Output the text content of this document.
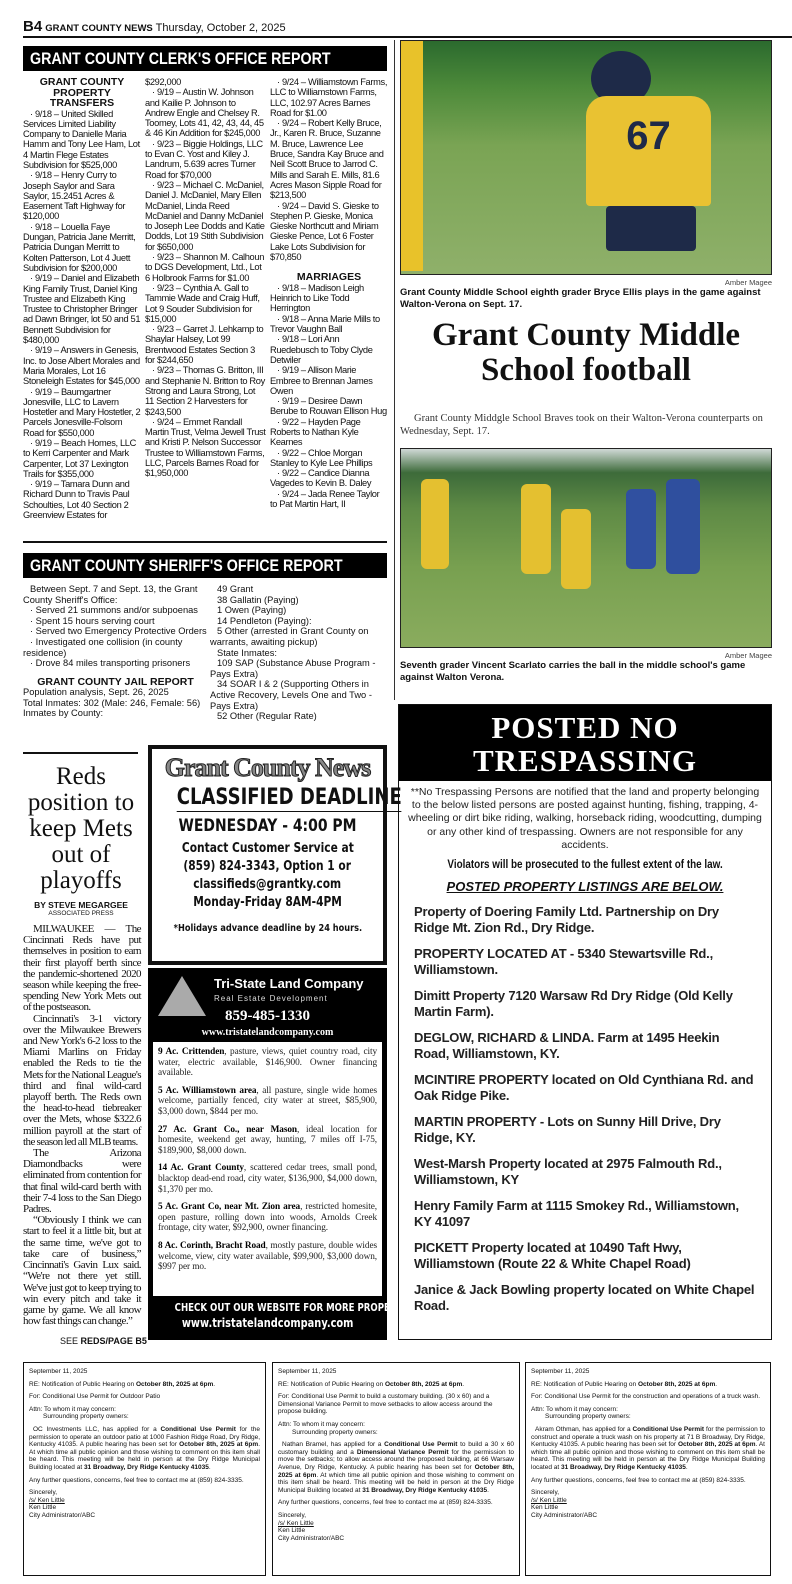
B4 GRANT COUNTY NEWS Thursday, October 2, 2025
GRANT COUNTY CLERK'S OFFICE REPORT
GRANT COUNTY PROPERTY TRANSFERS

· 9/18 – United Skilled Services Limited Liability Company to Danielle Maria Hamm and Tony Lee Ham, Lot 4 Martin Flege Estates Subdivision for $525,000

· 9/18 – Henry Curry to Joseph Saylor and Sara Saylor, 15.2451 Acres & Easement Taft Highway for $120,000

· 9/18 – Louella Faye Dungan, Patricia Jane Merritt, Patricia Dungan Merritt to Kolten Patterson, Lot 4 Juett Subdivision for $200,000

· 9/19 – Daniel and Elizabeth King Family Trust, Daniel King Trustee and Elizabeth King Trustee to Christopher Bringer ad Dawn Bringer, lot 50 and 51 Bennett Subdivision for $480,000

· 9/19 – Answers in Genesis, Inc. to Jose Albert Morales and Maria Morales, Lot 16 Stoneleigh Estates for $45,000

· 9/19 – Baumgartner Jonesville, LLC to Lavern Hostetler and Mary Hostetler, 2 Parcels Jonesville-Folsom Road for $550,000

· 9/19 – Beach Homes, LLC to Kerri Carpenter and Mark Carpenter, Lot 37 Lexington Trails for $355,000

· 9/19 – Tamara Dunn and Richard Dunn to Travis Paul Schoulties, Lot 40 Section 2 Greenview Estates for

$292,000

· 9/19 – Austin W. Johnson and Kailie P. Johnson to Andrew Engle and Chelsey R. Toomey, Lots 41, 42, 43, 44, 45 & 46 Kin Addition for $245,000

· 9/23 – Biggie Holdings, LLC to Evan C. Yost and Kiley J. Landrum, 5.639 acres Turner Road for $70,000

· 9/23 – Michael C. McDaniel, Daniel J. McDaniel, Mary Ellen McDaniel, Linda Reed McDaniel and Danny McDaniel to Joseph Lee Dodds and Katie Dodds, Lot 19 Stith Subdivision for $650,000

· 9/23 – Shannon M. Calhoun to DGS Development, Ltd., Lot 6 Holbrook Farms for $1.00

· 9/23 – Cynthia A. Gall to Tammie Wade and Craig Huff, Lot 9 Souder Subdivision for $15,000

· 9/23 – Garret J. Lehkamp to Shaylar Halsey, Lot 99 Brentwood Estates Section 3 for $244,650

· 9/23 – Thomas G. Britton, III and Stephanie N. Britton to Roy Strong and Laura Strong, Lot 11 Section 2 Harvesters for $243,500

· 9/24 – Emmet Randall Martin Trust, Velma Jewell Trust and Kristi P. Nelson Successor Trustee to Williamstown Farms, LLC, Parcels Barnes Road for $1,950,000

· 9/24 – Williamstown Farms, LLC to Williamstown Farms, LLC, 102.97 Acres Barnes Road for $1.00

· 9/24 – Robert Kelly Bruce, Jr., Karen R. Bruce, Suzanne M. Bruce, Lawrence Lee Bruce, Sandra Kay Bruce and Neil Scott Bruce to Jarrod C. Mills and Sarah E. Mills, 81.6 Acres Mason Sipple Road for $213,500

· 9/24 – David S. Gieske to Stephen P. Gieske, Monica Gieske Northcutt and Miriam Gieske Pence, Lot 6 Foster Lake Lots Subdivision for $70,850

MARRIAGES

· 9/18 – Madison Leigh Heinrich to Like Todd Herrington

· 9/18 – Anna Marie Mills to Trevor Vaughn Ball

· 9/18 – Lori Ann Ruedebusch to Toby Clyde Detwiler

· 9/19 – Allison Marie Embree to Brennan James Owen

· 9/19 – Desiree Dawn Berube to Rouwan Ellison Hug

· 9/22 – Hayden Page Roberts to Nathan Kyle Kearnes

· 9/22 – Chloe Morgan Stanley to Kyle Lee Phillips

· 9/22 – Candice Dianna Vagedes to Kevin B. Daley

· 9/24 – Jada Renee Taylor to Pat Martin Hart, II

GRANT COUNTY SHERIFF'S OFFICE REPORT

Between Sept. 7 and Sept. 13, the Grant County Sheriff's Office:

· Served 21 summons and/or subpoenas

· Spent 15 hours serving court

· Served two Emergency Protective Orders

· Investigated one collision (in county residence)

· Drove 84 miles transporting prisoners

GRANT COUNTY JAIL REPORT

Population analysis, Sept. 26, 2025

Total Inmates: 302 (Male: 246, Female: 56)

Inmates by County:

49 Grant

38 Gallatin (Paying)

1 Owen (Paying)

14 Pendleton (Paying):

5 Other (arrested in Grant County on warrants, awaiting pickup)

State Inmates:

109 SAP (Substance Abuse Program - Pays Extra)

34 SOAR I & 2 (Supporting Others in Active Recovery, Levels One and Two - Pays Extra)

52 Other (Regular Rate)

67
Amber Magee
Grant County Middle School eighth grader Bryce Ellis plays in the game against Walton-Verona on Sept. 17.
Grant County Middle School football
Grant County Middgle School Braves took on their Walton-Verona counterparts on Wednesday, Sept. 17.
Amber Magee
Seventh grader Vincent Scarlato carries the ball in the middle school's game against Walton Verona.
Reds position to keep Mets out of playoffs
BY STEVE MEGARGEE
ASSOCIATED PRESS

MILWAUKEE — The Cincinnati Reds have put themselves in position to earn their first playoff berth since the pandemic-shortened 2020 season while keeping the free-spending New York Mets out of the postseason.

Cincinnati's 3-1 victory over the Milwaukee Brewers and New York's 6-2 loss to the Miami Marlins on Friday enabled the Reds to tie the Mets for the National League's third and final wild-card playoff berth. The Reds own the head-to-head tiebreaker over the Mets, whose $322.6 million payroll at the start of the season led all MLB teams.

The Arizona Diamondbacks were eliminated from contention for that final wild-card berth with their 7-4 loss to the San Diego Padres.

“Obviously I think we can start to feel it a little bit, but at the same time, we've got to take care of business,” Cincinnati's Gavin Lux said. “We're not there yet still. We've just got to keep trying to win every pitch and take it game by game. We all know how fast things can change.”

SEE REDS/PAGE B5
Grant County News
CLASSIFIED DEADLINE
WEDNESDAY - 4:00 PM
Contact Customer Service at
(859) 824-3343, Option 1 or
classifieds@grantky.com
Monday-Friday 8AM-4PM
*Holidays advance deadline by 24 hours.
Tri-State Land Company
Real Estate Development
859-485-1330
www.tristatelandcompany.com

9 Ac. Crittenden, pasture, views, quiet country road, city water, electric available, $146,900. Owner financing available.

5 Ac. Williamstown area, all pasture, single wide homes welcome, partially fenced, city water at street, $85,900, $3,000 down, $844 per mo.

27 Ac. Grant Co., near Mason, ideal location for homesite, weekend get away, hunting, 7 miles off I-75, $189,900, $8,000 down.

14 Ac. Grant County, scattered cedar trees, small pond, blacktop dead-end road, city water, $136,900, $4,000 down, $1,370 per mo.

5 Ac. Grant Co, near Mt. Zion area, restricted homesite, open pasture, rolling down into woods, Arnolds Creek frontage, city water, $92,900, owner financing.

8 Ac. Corinth, Bracht Road, mostly pasture, double wides welcome, view, city water available, $99,900, $3,000 down, $997 per mo.

CHECK OUT OUR WEBSITE FOR MORE PROPERTIES
www.tristatelandcompany.com
POSTED NO
TRESPASSING
**No Trespassing Persons are notified that the land and property belonging to the below listed persons are posted against hunting, fishing, trapping, 4-wheeling or dirt bike riding, walking, horseback riding, woodcutting, dumping or any other kind of trespassing. Owners are not responsible for any accidents.
Violators will be prosecuted to the fullest extent of the law.
POSTED PROPERTY LISTINGS ARE BELOW.
Property of Doering Family Ltd. Partnership on Dry Ridge Mt. Zion Rd., Dry Ridge.
PROPERTY LOCATED AT - 5340 Stewartsville Rd., Williamstown.
Dimitt Property 7120 Warsaw Rd Dry Ridge (Old Kelly Martin Farm).
DEGLOW, RICHARD & LINDA. Farm at 1495 Heekin Road, Williamstown, KY.
MCINTIRE PROPERTY located on Old Cynthiana Rd. and Oak Ridge Pike.
MARTIN PROPERTY - Lots on Sunny Hill Drive, Dry Ridge, KY.
West-Marsh Property located at 2975 Falmouth Rd., Williamstown, KY
Henry Family Farm at 1115 Smokey Rd., Williamstown, KY 41097
PICKETT Property located at 10490 Taft Hwy, Williamstown (Route 22 & White Chapel Road)
Janice & Jack Bowling property located on White Chapel Road.

September 11, 2025

RE: Notification of Public Hearing on October 8th, 2025 at 6pm.

For: Conditional Use Permit for Outdoor Patio

Attn: To whom it may concern:

Surrounding property owners:

OC Investments LLC, has applied for a Conditional Use Permit for the permission to operate an outdoor patio at 1000 Fashion Ridge Road, Dry Ridge, Kentucky 41035. A public hearing has been set for October 8th, 2025 at 6pm. At which time all public opinion and those wishing to comment on this item shall be heard. This meeting will be held in person at the Dry Ridge Municipal Building located at 31 Broadway, Dry Ridge Kentucky 41035.

Any further questions, concerns, feel free to contact me at (859) 824-3335.

Sincerely,

/s/ Ken Little

Ken Little

City Administrator/ABC

September 11, 2025

RE: Notification of Public Hearing on October 8th, 2025 at 6pm.

For: Conditional Use Permit to build a customary building. (30 x 60) and a Dimensional Variance Permit to move setbacks to allow access around the propose building.

Attn: To whom it may concern:

Surrounding property owners:

Nathan Bramel, has applied for a Conditional Use Permit to build a 30 x 60 customary building and a Dimensional Variance Permit for the permission to move the setbacks; to allow access around the proposed building, at 66 Warsaw Avenue, Dry Ridge, Kentucky. A public hearing has been set for October 8th, 2025 at 6pm. At which time all public opinion and those wishing to comment on this item shall be heard. This meeting will be held in person at the Dry Ridge Municipal Building located at 31 Broadway, Dry Ridge Kentucky 41035.

Any further questions, concerns, feel free to contact me at (859) 824-3335.

Sincerely,

/s/ Ken Little

Ken Little

City Administrator/ABC

September 11, 2025

RE: Notification of Public Hearing on October 8th, 2025 at 6pm.

For: Conditional Use Permit for the construction and operations of a truck wash.

Attn: To whom it may concern:

Surrounding property owners:

Akram Othman, has applied for a Conditional Use Permit for the permission to construct and operate a truck wash on his property at 71 B Broadway, Dry Ridge, Kentucky 41035. A public hearing has been set for October 8th, 2025 at 6pm. At which time all public opinion and those wishing to comment on this item shall be heard. This meeting will be held in person at the Dry Ridge Municipal Building located at 31 Broadway, Dry Ridge Kentucky 41035.

Any further questions, concerns, feel free to contact me at (859) 824-3335.

Sincerely,

/s/ Ken Little

Ken Little

City Administrator/ABC
